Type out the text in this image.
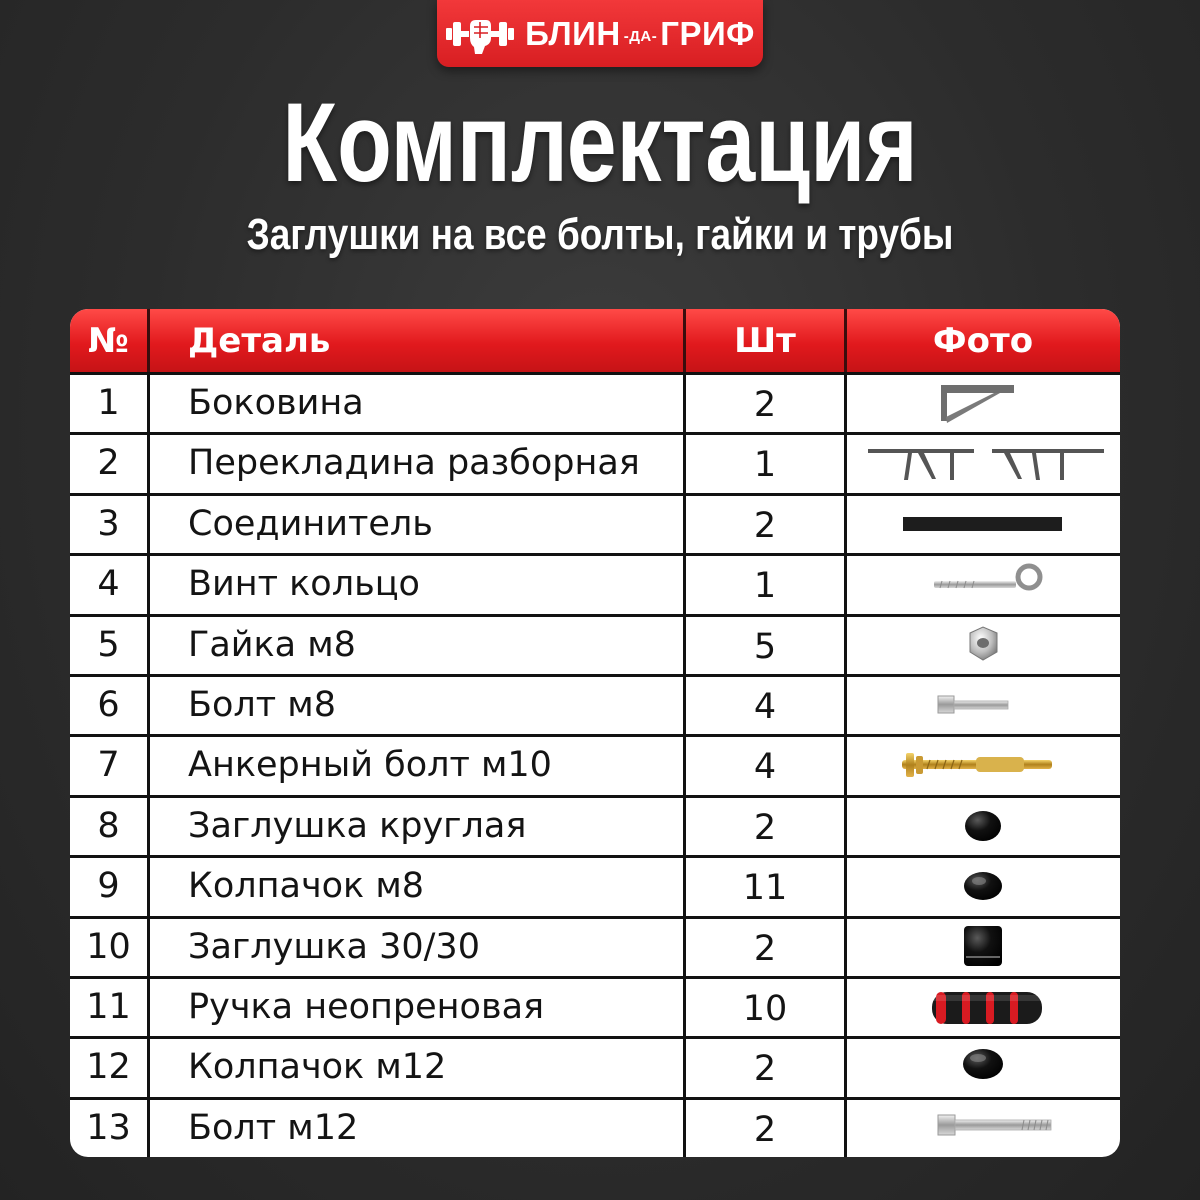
БЛИН -ДА- ГРИФ
Комплектация
Заглушки на все болты, гайки и трубы
№	Деталь	Шт	Фото
1	Боковина	2
2	Перекладина разборная	1
3	Соединитель	2
4	Винт кольцо	1
5	Гайка м8	5
6	Болт м8	4
7	Анкерный болт м10	4
8	Заглушка круглая	2
9	Колпачок м8	11
10	Заглушка 30/30	2
11	Ручка неопреновая	10
12	Колпачок м12	2
13	Болт м12	2
